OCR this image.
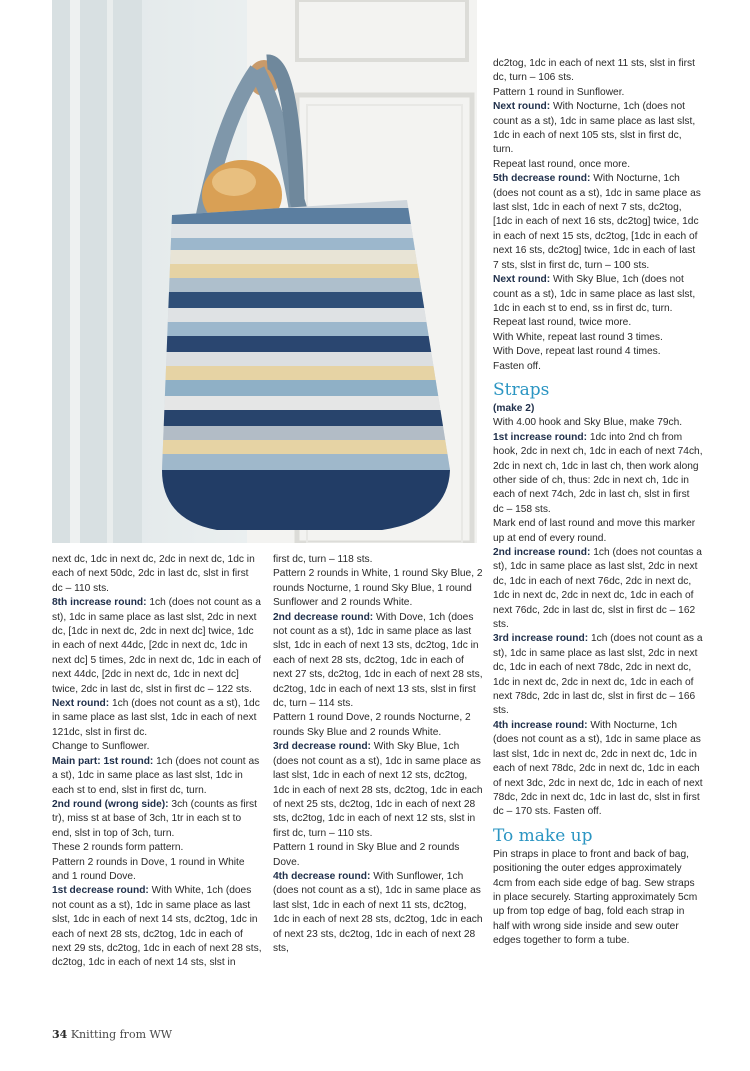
next dc, 1dc in next dc, 2dc in next dc, 1dc in each of next 50dc, 2dc in last dc, slst in first dc – 110 sts.

8th increase round: 1ch (does not count as a st), 1dc in same place as last slst, 2dc in next dc, [1dc in next dc, 2dc in next dc] twice, 1dc in each of next 44dc, [2dc in next dc, 1dc in next dc] 5 times, 2dc in next dc, 1dc in each of next 44dc, [2dc in next dc, 1dc in next dc] twice, 2dc in last dc, slst in first dc – 122 sts.

Next round: 1ch (does not count as a st), 1dc in same place as last slst, 1dc in each of next 121dc, slst in first dc.

Change to Sunflower.

Main part: 1st round: 1ch (does not count as a st), 1dc in same place as last slst, 1dc in each st to end, slst in first dc, turn.

2nd round (wrong side): 3ch (counts as first tr), miss st at base of 3ch, 1tr in each st to end, slst in top of 3ch, turn.

These 2 rounds form pattern.

Pattern 2 rounds in Dove, 1 round in White and 1 round Dove.

1st decrease round: With White, 1ch (does not count as a st), 1dc in same place as last slst, 1dc in each of next 14 sts, dc2tog, 1dc in each of next 28 sts, dc2tog, 1dc in each of next 29 sts, dc2tog, 1dc in each of next 28 sts, dc2tog, 1dc in each of next 14 sts, slst in

first dc, turn – 118 sts.

Pattern 2 rounds in White, 1 round Sky Blue, 2 rounds Nocturne, 1 round Sky Blue, 1 round Sunflower and 2 rounds White.

2nd decrease round: With Dove, 1ch (does not count as a st), 1dc in same place as last slst, 1dc in each of next 13 sts, dc2tog, 1dc in each of next 28 sts, dc2tog, 1dc in each of next 27 sts, dc2tog, 1dc in each of next 28 sts, dc2tog, 1dc in each of next 13 sts, slst in first dc, turn – 114 sts.

Pattern 1 round Dove, 2 rounds Nocturne, 2 rounds Sky Blue and 2 rounds White.

3rd decrease round: With Sky Blue, 1ch (does not count as a st), 1dc in same place as last slst, 1dc in each of next 12 sts, dc2tog, 1dc in each of next 28 sts, dc2tog, 1dc in each of next 25 sts, dc2tog, 1dc in each of next 28 sts, dc2tog, 1dc in each of next 12 sts, slst in first dc, turn – 110 sts.

Pattern 1 round in Sky Blue and 2 rounds Dove.

4th decrease round: With Sunflower, 1ch (does not count as a st), 1dc in same place as last slst, 1dc in each of next 11 sts, dc2tog, 1dc in each of next 28 sts, dc2tog, 1dc in each of next 23 sts, dc2tog, 1dc in each of next 28 sts,

dc2tog, 1dc in each of next 11 sts, slst in first dc, turn – 106 sts.

Pattern 1 round in Sunflower.

Next round: With Nocturne, 1ch (does not count as a st), 1dc in same place as last slst, 1dc in each of next 105 sts, slst in first dc, turn.

Repeat last round, once more.

5th decrease round: With Nocturne, 1ch (does not count as a st), 1dc in same place as last slst, 1dc in each of next 7 sts, dc2tog, [1dc in each of next 16 sts, dc2tog] twice, 1dc in each of next 15 sts, dc2tog, [1dc in each of next 16 sts, dc2tog] twice, 1dc in each of last 7 sts, slst in first dc, turn – 100 sts.

Next round: With Sky Blue, 1ch (does not count as a st), 1dc in same place as last slst, 1dc in each st to end, ss in first dc, turn.

Repeat last round, twice more.

With White, repeat last round 3 times.

With Dove, repeat last round 4 times.

Fasten off.

Straps

(make 2)

With 4.00 hook and Sky Blue, make 79ch.

1st increase round: 1dc into 2nd ch from hook, 2dc in next ch, 1dc in each of next 74ch, 2dc in next ch, 1dc in last ch, then work along other side of ch, thus: 2dc in next ch, 1dc in each of next 74ch, 2dc in last ch, slst in first dc – 158 sts.

Mark end of last round and move this marker up at end of every round.

2nd increase round: 1ch (does not countas a st), 1dc in same place as last slst, 2dc in next dc, 1dc in each of next 76dc, 2dc in next dc, 1dc in next dc, 2dc in next dc, 1dc in each of next 76dc, 2dc in last dc, slst in first dc – 162 sts.

3rd increase round: 1ch (does not count as a st), 1dc in same place as last slst, 2dc in next dc, 1dc in each of next 78dc, 2dc in next dc, 1dc in next dc, 2dc in next dc, 1dc in each of next 78dc, 2dc in last dc, slst in first dc – 166 sts.

4th increase round: With Nocturne, 1ch (does not count as a st), 1dc in same place as last slst, 1dc in next dc, 2dc in next dc, 1dc in each of next 78dc, 2dc in next dc, 1dc in each of next 3dc, 2dc in next dc, 1dc in each of next 78dc, 2dc in next dc, 1dc in last dc, slst in first dc – 170 sts. Fasten off.

To make up

Pin straps in place to front and back of bag, positioning the outer edges approximately 4cm from each side edge of bag. Sew straps in place securely. Starting approximately 5cm up from top edge of bag, fold each strap in half with wrong side inside and sew outer edges together to form a tube.

34 Knitting from WW
